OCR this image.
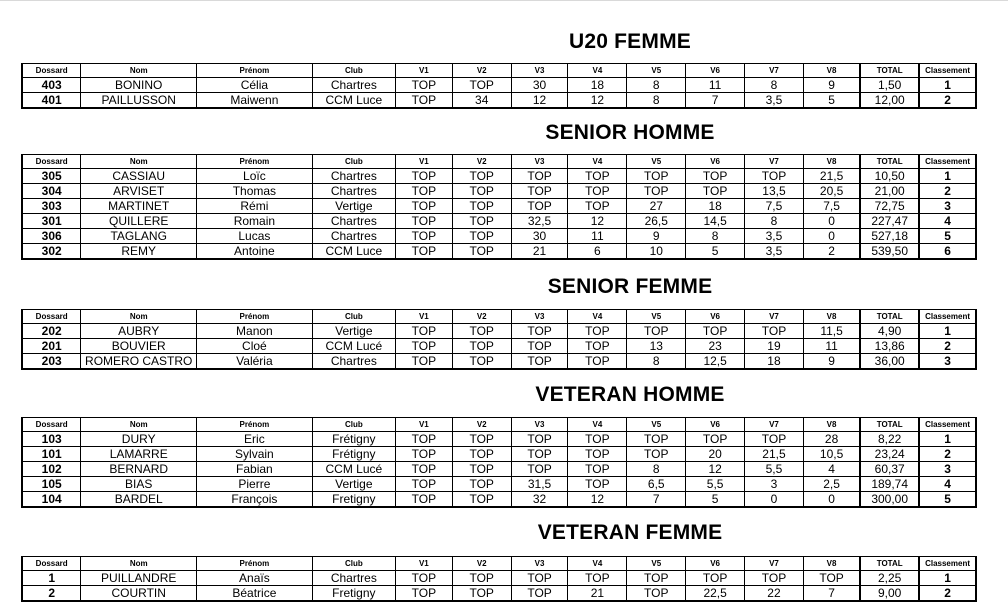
U20 FEMME
Dossard	Nom	Prénom	Club	V1	V2	V3	V4	V5	V6	V7	V8	TOTAL	Classement
403	BONINO	Célia	Chartres	TOP	TOP	30	18	8	11	8	9	1,50	1
401	PAILLUSSON	Maiwenn	CCM Luce	TOP	34	12	12	8	7	3,5	5	12,00	2
SENIOR HOMME
Dossard	Nom	Prénom	Club	V1	V2	V3	V4	V5	V6	V7	V8	TOTAL	Classement
305	CASSIAU	Loïc	Chartres	TOP	TOP	TOP	TOP	TOP	TOP	TOP	21,5	10,50	1
304	ARVISET	Thomas	Chartres	TOP	TOP	TOP	TOP	TOP	TOP	13,5	20,5	21,00	2
303	MARTINET	Rémi	Vertige	TOP	TOP	TOP	TOP	27	18	7,5	7,5	72,75	3
301	QUILLERE	Romain	Chartres	TOP	TOP	32,5	12	26,5	14,5	8	0	227,47	4
306	TAGLANG	Lucas	Chartres	TOP	TOP	30	11	9	8	3,5	0	527,18	5
302	REMY	Antoine	CCM Luce	TOP	TOP	21	6	10	5	3,5	2	539,50	6
SENIOR FEMME
Dossard	Nom	Prénom	Club	V1	V2	V3	V4	V5	V6	V7	V8	TOTAL	Classement
202	AUBRY	Manon	Vertige	TOP	TOP	TOP	TOP	TOP	TOP	TOP	11,5	4,90	1
201	BOUVIER	Cloé	CCM Lucé	TOP	TOP	TOP	TOP	13	23	19	11	13,86	2
203	ROMERO CASTRO	Valéria	Chartres	TOP	TOP	TOP	TOP	8	12,5	18	9	36,00	3
VETERAN HOMME
Dossard	Nom	Prénom	Club	V1	V2	V3	V4	V5	V6	V7	V8	TOTAL	Classement
103	DURY	Eric	Frétigny	TOP	TOP	TOP	TOP	TOP	TOP	TOP	28	8,22	1
101	LAMARRE	Sylvain	Frétigny	TOP	TOP	TOP	TOP	TOP	20	21,5	10,5	23,24	2
102	BERNARD	Fabian	CCM Lucé	TOP	TOP	TOP	TOP	8	12	5,5	4	60,37	3
105	BIAS	Pierre	Vertige	TOP	TOP	31,5	TOP	6,5	5,5	3	2,5	189,74	4
104	BARDEL	François	Fretigny	TOP	TOP	32	12	7	5	0	0	300,00	5
VETERAN FEMME
Dossard	Nom	Prénom	Club	V1	V2	V3	V4	V5	V6	V7	V8	TOTAL	Classement
1	PUILLANDRE	Anaïs	Chartres	TOP	TOP	TOP	TOP	TOP	TOP	TOP	TOP	2,25	1
2	COURTIN	Béatrice	Fretigny	TOP	TOP	TOP	21	TOP	22,5	22	7	9,00	2
